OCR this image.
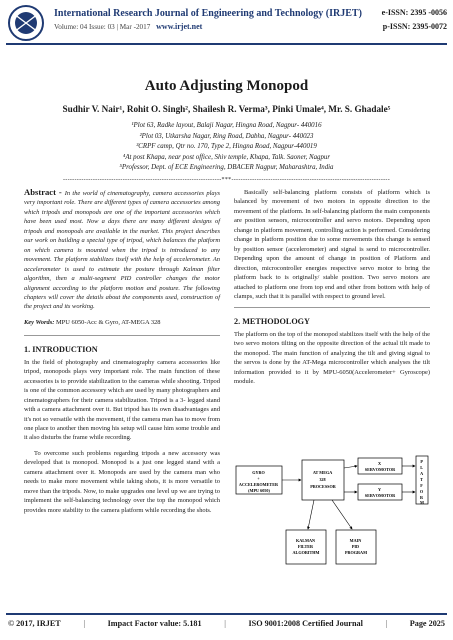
International Research Journal of Engineering and Technology (IRJET)
Volume: 04 Issue: 03 | Mar -2017 www.irjet.net
e-ISSN: 2395 -0056
p-ISSN: 2395-0072
Auto Adjusting Monopod
Sudhir V. Nair¹, Rohit O. Singh², Shailesh R. Verma³, Pinki Umale⁴, Mr. S. Ghadale⁵
¹Plot 63, Radke layout, Balaji Nagar, Hingna Road, Nagpur- 440016
²Plot 03, Utkarsha Nagar, Ring Road, Dabha, Nagpur- 440023
³CRPF camp, Qtr no. 170, Type 2, Hingna Road, Nagpur-440019
⁴At post Khapa, near post office, Shiv temple, Khapa, Talk. Saoner, Nagpur
⁵Professor, Dept. of ECE Engineering, DBACER Nagpur, Maharashtra, India
---------------------------------------------------------------------***---------------------------------------------------------------------
Abstract - In the world of cinematography, camera accessories plays very important role. There are different types of camera accessories among which tripods and monopods are one of the important accessories which have been used most. Now a days there are many different designs of tripods and monopods are available in the market. This project describes our work on building a special type of tripod, which balances the platform on which camera is mounted when the tripod is introduced to any movement. The platform stabilizes itself with the help of accelerometer. An accelerometer is used to estimate the posture through Kalman filter algorithm, then a multi-segment PID controller changes the motor alignment according to the platform motion and posture. The following chapters will cover the details about the components used, construction of the project and its working.
Key Words: MPU 6050-Acc & Gyro, AT-MEGA 328
1. INTRODUCTION

In the field of photography and cinematography camera accessories like tripod, monopods plays very important role. The main function of these accessories is to provide stabilization to the cameras while shooting. Tripod is one of the common accessory which are used by many photographers and cinematographers for their camera stabilization. Tripod is a 3- legged stand with a camera attachment over it. But tripod has its own disadvantages and it's not so versatile with the movement, if the camera man has to move from one place to another then moving his setup will cause him some trouble and it also disturbs the frame while recording.

To overcome such problems regarding tripods a new accessory was developed that is monopod. Monopod is a just one legged stand with a camera attachment over it. Monopods are used by the camera man who needs to make more movement while taking shots, it is more versatile to move than the tripods. Now, to make upgrades one level up we are trying to implement the self-balancing technology over the top the monopod which provides more stability to the camera platform while recording the shots.

Basically self-balancing platform consists of platform which is balanced by movement of two motors in opposite direction to the movement of the platform. In self-balancing platform the main components are position sensors, microcontroller and servo motors. Depending upon change in platform movement, controlling action is performed. Considering change in platform position due to some movements this change is sensed by position sensor (accelerometer) and signal is send to microcontroller. Depending upon the amount of change in position of Platform and direction, microcontroller energies respective servo motor to bring the platform back to is originally/ stable position. Two servo motors are attached to platform one from top end and other from bottom with help of clamps, such that it is parallel with respect to ground level.

2. METHODOLOGY

The platform on the top of the monopod stabilizes itself with the help of the two servo motors tilting on the opposite direction of the actual tilt made to the monopod. The main function of analyzing the tilt and giving signal to the servos is done by the AT-Mega microcontroller which analyses the tilt information provided to it by MPU-6050(Accelerometer+ Gyroscope) module.

GYRO + ACCELEROMETER (MPU 6050)
AT MEGA 328 PROCESSOR
X SERVOMOTOR
Y SERVOMOTOR
P L A T F O R M
KALMAN FILTER ALGORITHM
MAIN PID PROGRAM
© 2017, IRJET	|	Impact Factor value: 5.181	|	ISO 9001:2008 Certified Journal	|	Page 2025
